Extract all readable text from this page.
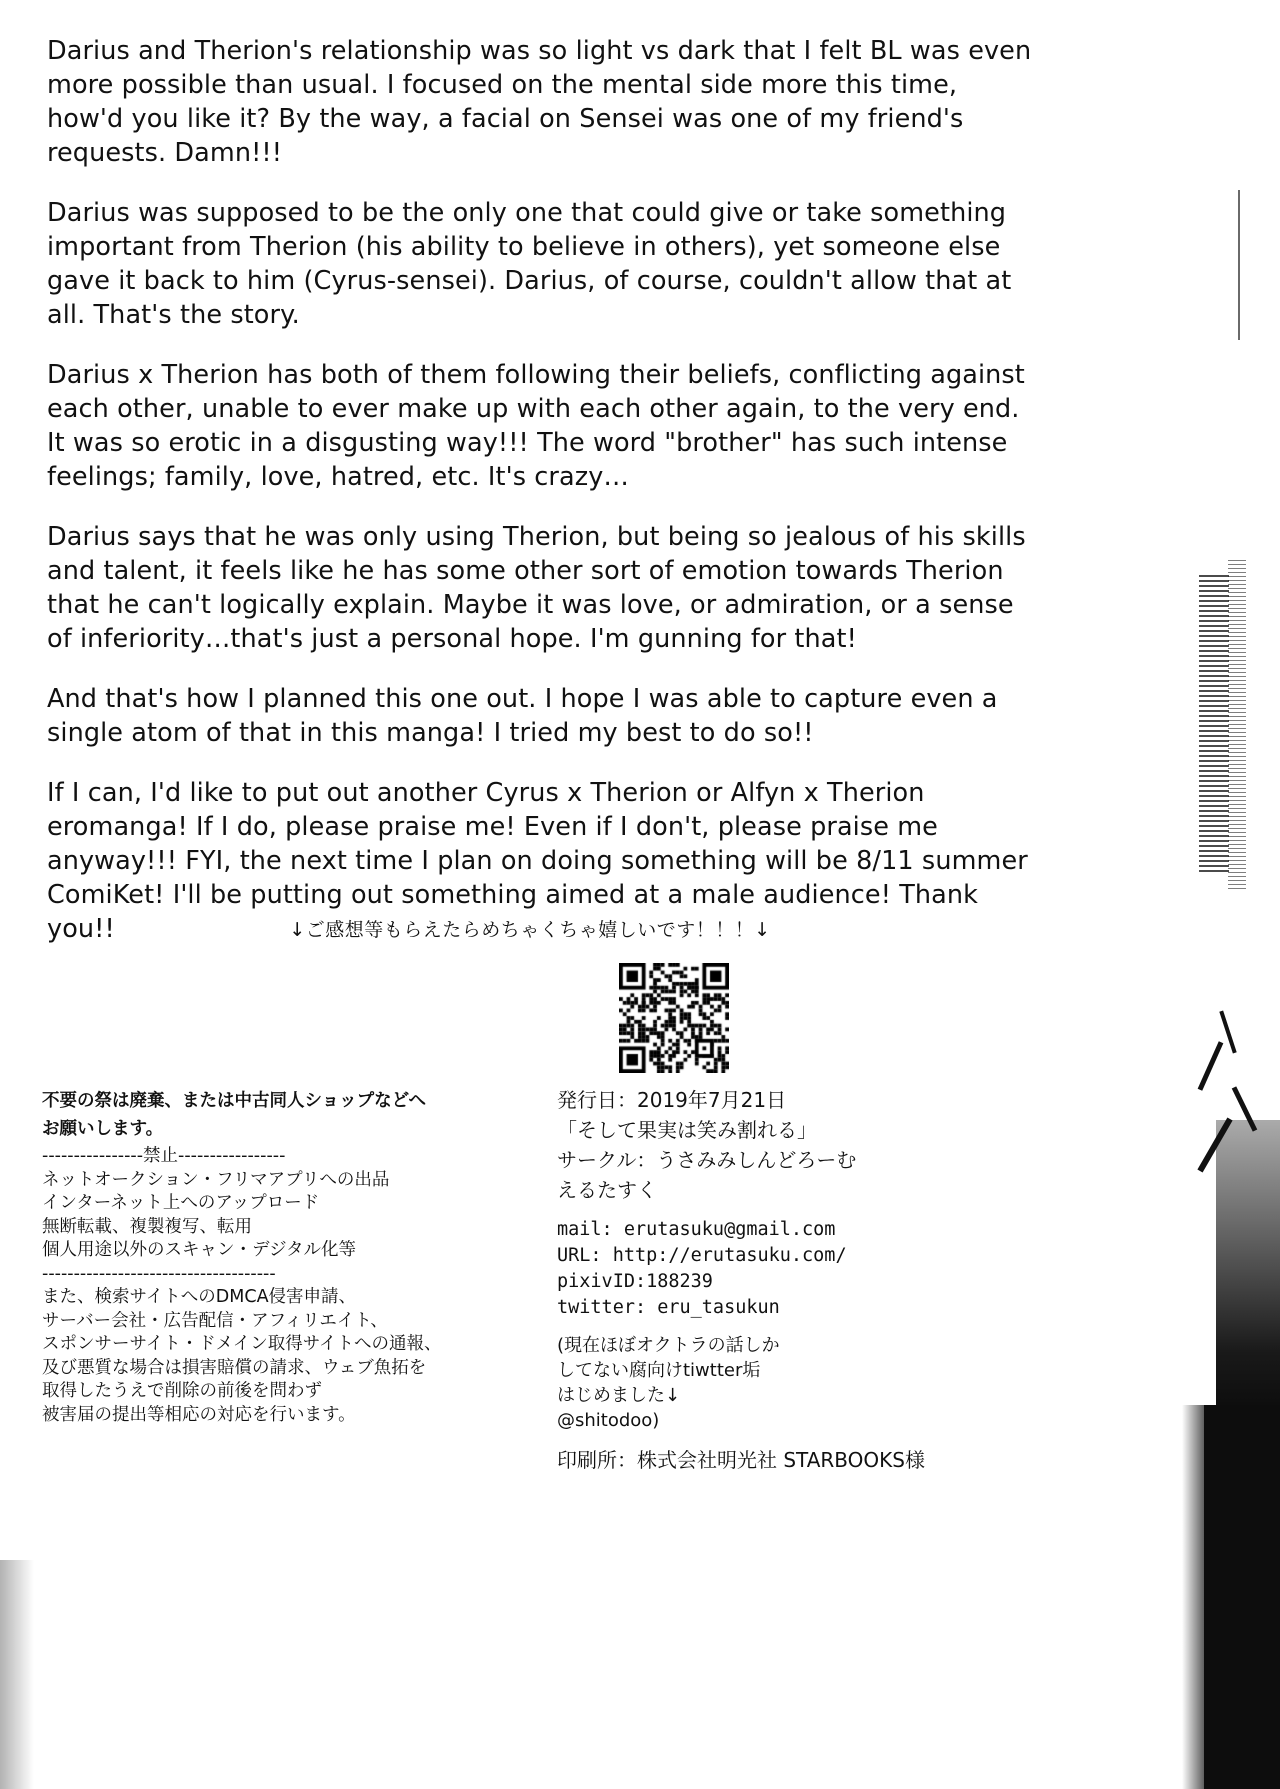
Darius and Therion's relationship was so light vs dark that I felt BL was even more possible than usual. I focused on the mental side more this time, how'd you like it? By the way, a facial on Sensei was one of my friend's requests. Damn!!!

Darius was supposed to be the only one that could give or take something important from Therion (his ability to believe in others), yet someone else gave it back to him (Cyrus-sensei). Darius, of course, couldn't allow that at all. That's the story.

Darius x Therion has both of them following their beliefs, conflicting against each other, unable to ever make up with each other again, to the very end. It was so erotic in a disgusting way!!! The word "brother" has such intense feelings; family, love, hatred, etc. It's crazy…

Darius says that he was only using Therion, but being so jealous of his skills and talent, it feels like he has some other sort of emotion towards Therion that he can't logically explain. Maybe it was love, or admiration, or a sense of inferiority…that's just a personal hope. I'm gunning for that!

And that's how I planned this one out. I hope I was able to capture even a single atom of that in this manga! I tried my best to do so!!

If I can, I'd like to put out another Cyrus x Therion or Alfyn x Therion eromanga! If I do, please praise me! Even if I don't, please praise me anyway!!! FYI, the next time I plan on doing something will be 8/11 summer ComiKet! I'll be putting out something aimed at a male audience! Thank you!!	↓ご感想等もらえたらめちゃくちゃ嬉しいです！！！↓
不要の祭は廃棄、または中古同人ショップなどへ
お願いします。
----------------禁止-----------------
ネットオークション・フリマアプリへの出品
インターネット上へのアップロード
無断転載、複製複写、転用
個人用途以外のスキャン・デジタル化等
-------------------------------------
また、検索サイトへのDMCA侵害申請、
サーバー会社・広告配信・アフィリエイト、
スポンサーサイト・ドメイン取得サイトへの通報、
及び悪質な場合は損害賠償の請求、ウェブ魚拓を
取得したうえで削除の前後を問わず
被害届の提出等相応の対応を行います。
発行日：2019年7月21日
「そして果実は笑み割れる」
サークル：うさみみしんどろーむ
えるたすく
mail: erutasuku@gmail.com
URL: http://erutasuku.com/
pixivID:188239
twitter: eru_tasukun
(現在ほぼオクトラの話しか
してない腐向けtiwtter垢
はじめました↓
@shitodoo)
印刷所：株式会社明光社 STARBOOKS様
